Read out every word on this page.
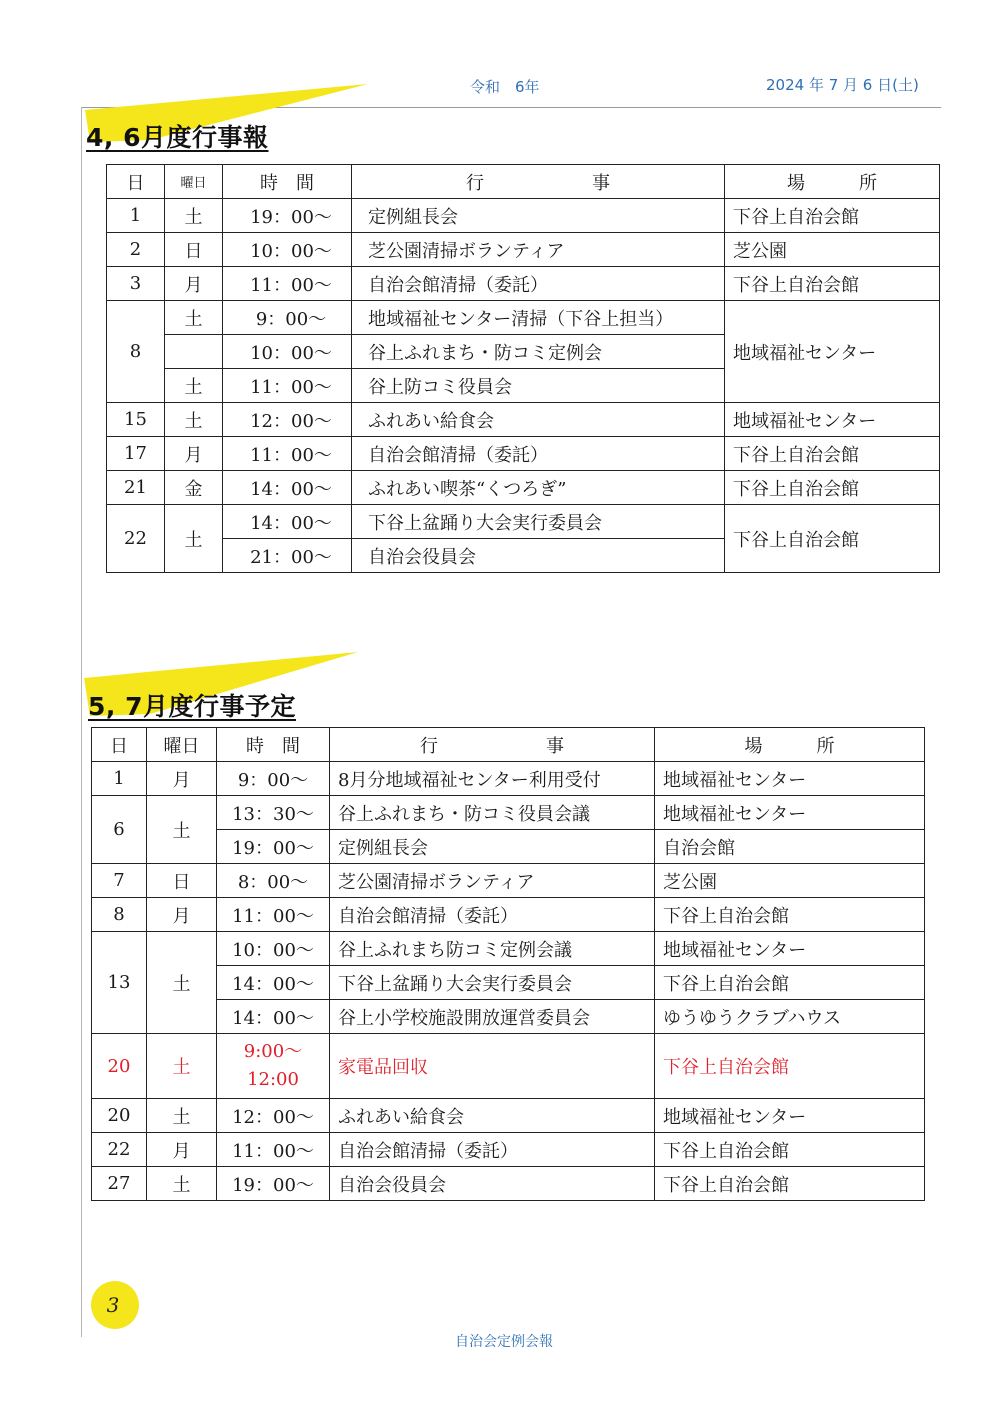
令和　6年	2024 年 7 月 6 日(土)
4, 6月度行事報
日	曜日	時　間	行　　　　　　事	場　　　所
1	土	19：00～	定例組長会	下谷上自治会館
2	日	10：00～	芝公園清掃ボランティア	芝公園
3	月	11：00～	自治会館清掃（委託）	下谷上自治会館
8	土	9：00～	地域福祉センター清掃（下谷上担当）	地域福祉センター
		10：00～	谷上ふれまち・防コミ定例会	
	土	11：00～	谷上防コミ役員会	
15	土	12：00～	ふれあい給食会	地域福祉センター
17	月	11：00～	自治会館清掃（委託）	下谷上自治会館
21	金	14：00～	ふれあい喫茶“くつろぎ”	下谷上自治会館
22	土	14：00～	下谷上盆踊り大会実行委員会	下谷上自治会館
		21：00～	自治会役員会	
5, 7月度行事予定
日	曜日	時　間	行　　　　　　事	場　　　所
1	月	9：00～	8月分地域福祉センター利用受付	地域福祉センター
6	土	13：30～	谷上ふれまち・防コミ役員会議	地域福祉センター
		19：00～	定例組長会	自治会館
7	日	8：00～	芝公園清掃ボランティア	芝公園
8	月	11：00～	自治会館清掃（委託）	下谷上自治会館
13	土	10：00～	谷上ふれまち防コミ定例会議	地域福祉センター
		14：00～	下谷上盆踊り大会実行委員会	下谷上自治会館
		14：00～	谷上小学校施設開放運営委員会	ゆうゆうクラブハウス
20	土	9:00～
12:00	家電品回収	下谷上自治会館
20	土	12：00～	ふれあい給食会	地域福祉センター
22	月	11：00～	自治会館清掃（委託）	下谷上自治会館
27	土	19：00～	自治会役員会	下谷上自治会館
3
自治会定例会報
